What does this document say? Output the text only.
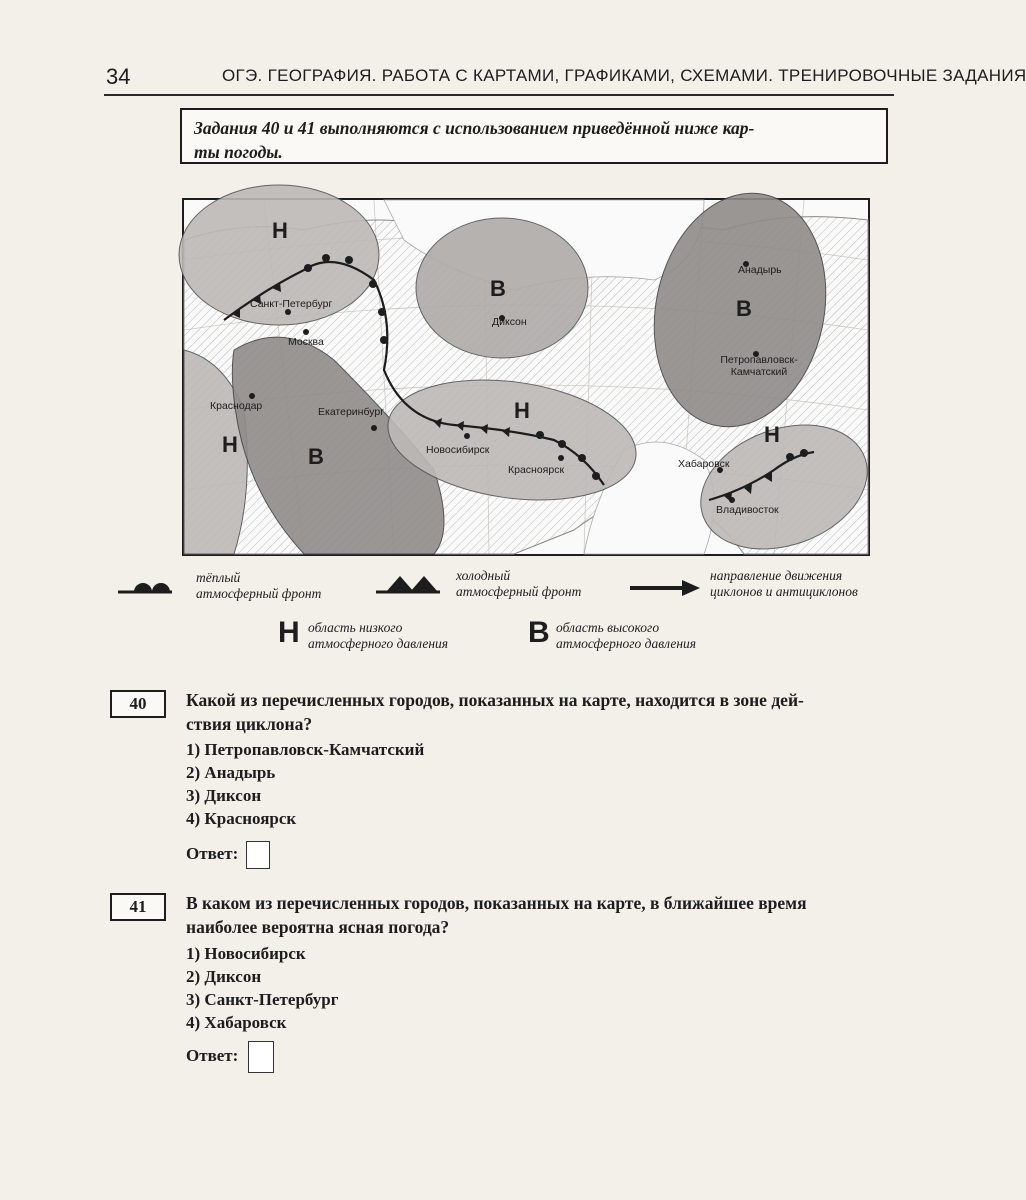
34	ОГЭ. ГЕОГРАФИЯ. РАБОТА С КАРТАМИ, ГРАФИКАМИ, СХЕМАМИ. ТРЕНИРОВОЧНЫЕ ЗАДАНИЯ
Задания 40 и 41 выполняются с использованием приведённой ниже кар-
ты погоды.
Санкт-Петербург
Москва
Краснодар	Екатеринбург
Новосибирск
Красноярск
Диксон
Анадырь
Петропавловск-
Камчатский
Хабаровск
Владивосток
Н
В
В
Н	В
Н
Н
тёплый
атмосферный фронт
холодный
атмосферный фронт
направление движения
циклонов и антициклонов
Н область низкого
атмосферного давления	В область высокого
атмосферного давления
40	Какой из перечисленных городов, показанных на карте, находится в зоне дей-
ствия циклона?
1) Петропавловск-Камчатский
2) Анадырь
3) Диксон
4) Красноярск
Ответ:
41	В каком из перечисленных городов, показанных на карте, в ближайшее время
наиболее вероятна ясная погода?
1) Новосибирск
2) Диксон
3) Санкт-Петербург
4) Хабаровск
Ответ:
